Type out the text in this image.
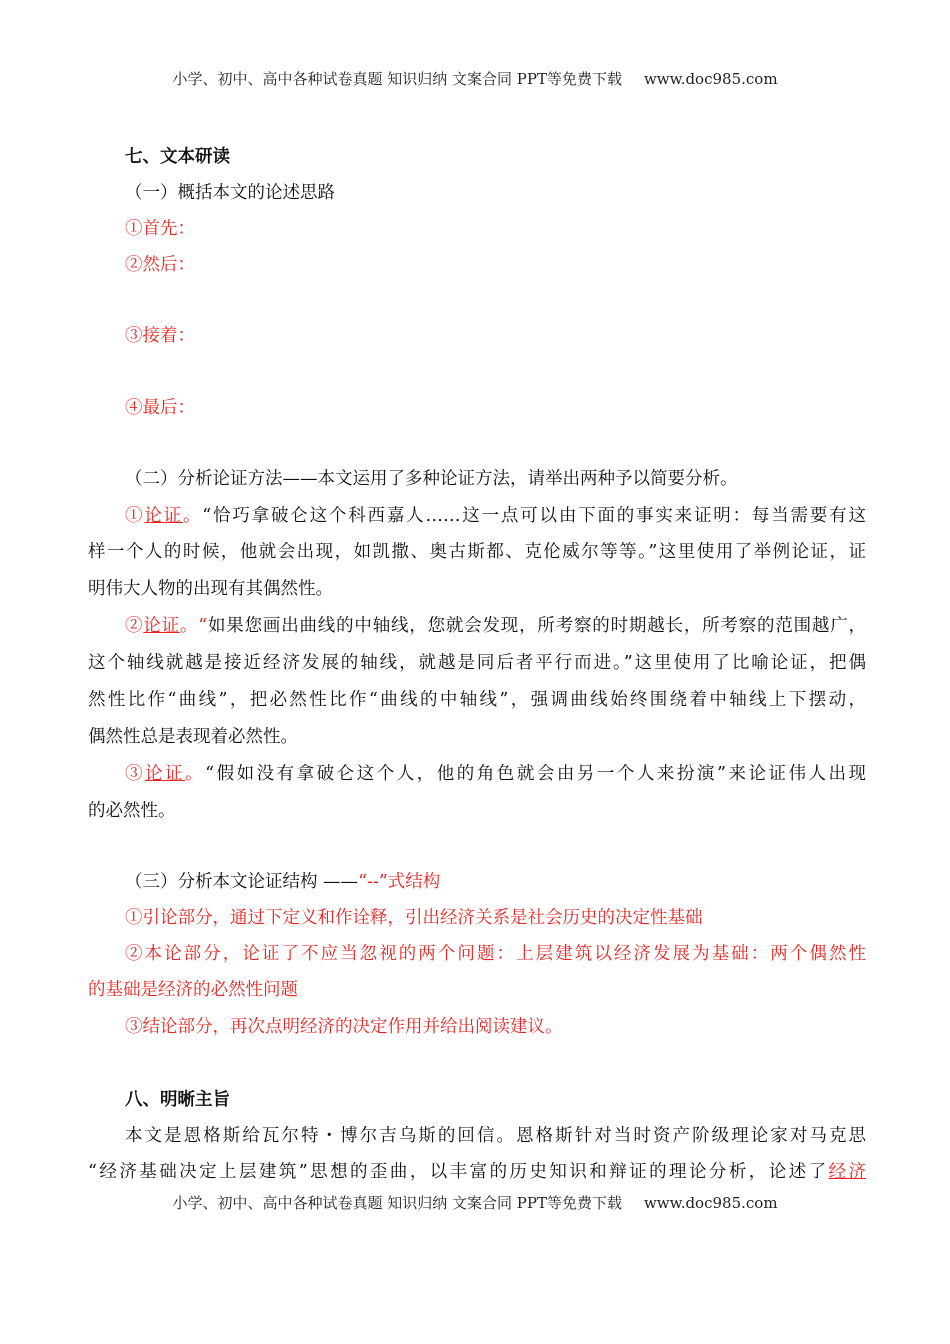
小学、初中、高中各种试卷真题 知识归纳 文案合同 PPT等免费下载 www.doc985.com
七、文本研读
（一）概括本文的论述思路
①首先：
②然后：
③接着：
④最后：
（二）分析论证方法——本文运用了多种论证方法，请举出两种予以简要分析。
①论证。“恰巧拿破仑这个科西嘉人……这一点可以由下面的事实来证明：每当需要有这
样一个人的时候，他就会出现，如凯撒、奥古斯都、克伦威尔等等。”这里使用了举例论证，证
明伟大人物的出现有其偶然性。
②论证。“如果您画出曲线的中轴线，您就会发现，所考察的时期越长，所考察的范围越广，
这个轴线就越是接近经济发展的轴线，就越是同后者平行而进。”这里使用了比喻论证，把偶
然性比作“曲线”，把必然性比作“曲线的中轴线”，强调曲线始终围绕着中轴线上下摆动，
偶然性总是表现着必然性。
③论证。“假如没有拿破仑这个人，他的角色就会由另一个人来扮演”来论证伟人出现
的必然性。
（三）分析本文论证结构 ——“--”式结构
①引论部分，通过下定义和作诠释，引出经济关系是社会历史的决定性基础
②本论部分，论证了不应当忽视的两个问题：上层建筑以经济发展为基础：两个偶然性
的基础是经济的必然性问题
③结论部分，再次点明经济的决定作用并给出阅读建议。
八、明晰主旨
本文是恩格斯给瓦尔特・博尔吉乌斯的回信。恩格斯针对当时资产阶级理论家对马克思
“经济基础决定上层建筑”思想的歪曲，以丰富的历史知识和辩证的理论分析，论述了经济
小学、初中、高中各种试卷真题 知识归纳 文案合同 PPT等免费下载 www.doc985.com
